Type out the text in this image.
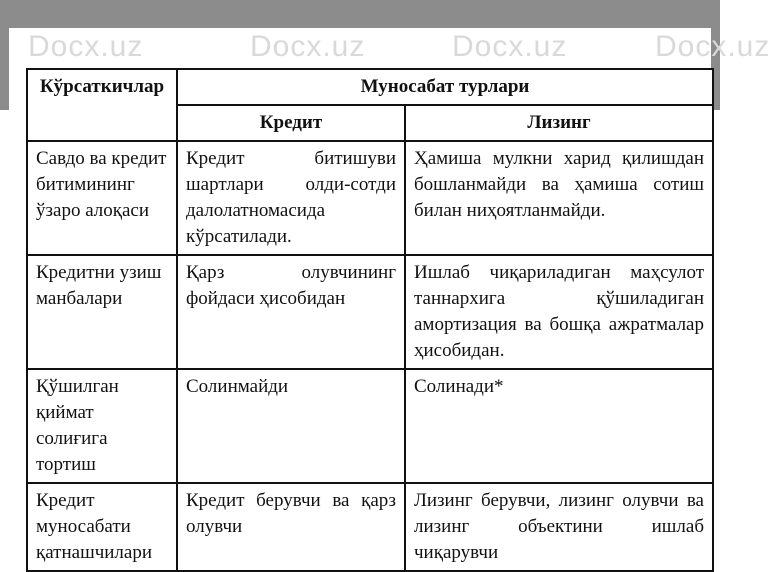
Docx.uz	Docx.uz	Docx.uz	Docx.uz
Кўрсаткичлар	Муносабат турлари	
	Кредит	Лизинг
Савдо ва кредит битимининг ўзаро алоқаси	Кредит битишуви шартлари олди-сотди далолатномасида кўрсатилади.	Ҳамиша мулкни харид қилишдан бошланмайди ва ҳамиша сотиш билан ниҳоятланмайди.
Кредитни узиш манбалари	Қарз олувчининг фойдаси ҳисобидан	Ишлаб чиқариладиган маҳсулот таннархига қўшиладиган амортизация ва бошқа ажратмалар ҳисобидан.
Қўшилган қиймат солиғига тортиш	Солинмайди	Солинади*
Кредит муносабати қатнашчилари	Кредит берувчи ва қарз олувчи	Лизинг берувчи, лизинг олувчи ва лизинг объектини ишлаб чиқарувчи
